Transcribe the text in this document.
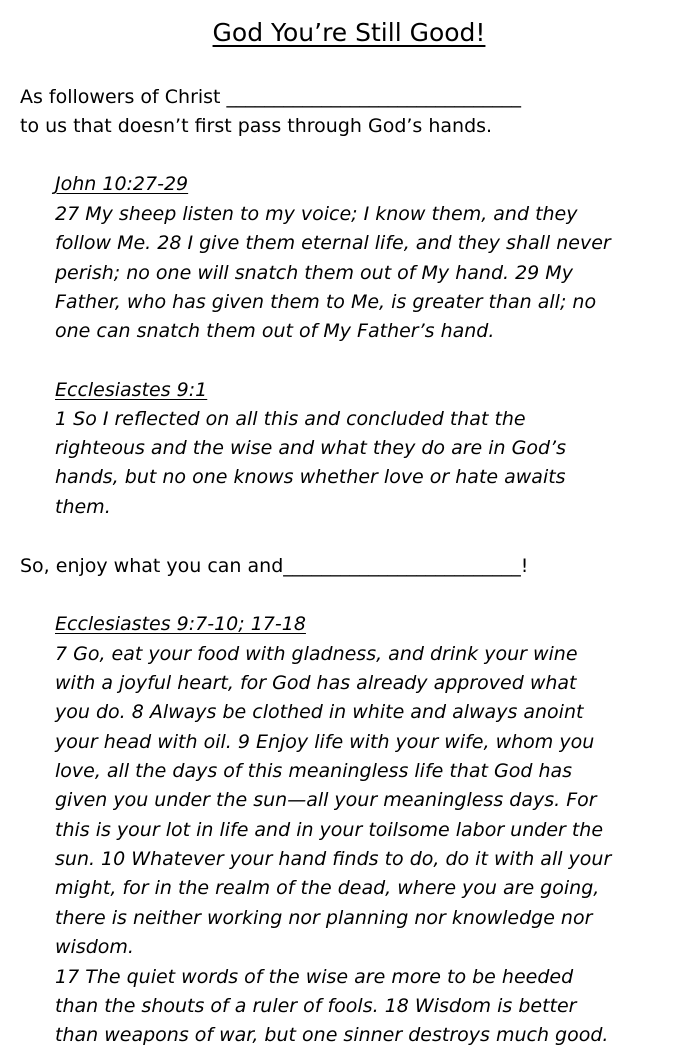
God You’re Still Good!
As followers of Christ _______________________________
to us that doesn’t first pass through God’s hands.
John 10:27-29
27 My sheep listen to my voice; I know them, and they
follow Me. 28 I give them eternal life, and they shall never
perish; no one will snatch them out of My hand. 29 My
Father, who has given them to Me, is greater than all; no
one can snatch them out of My Father’s hand.
Ecclesiastes 9:1
1 So I reflected on all this and concluded that the
righteous and the wise and what they do are in God’s
hands, but no one knows whether love or hate awaits
them.
So, enjoy what you can and_________________________!
Ecclesiastes 9:7-10; 17-18
7 Go, eat your food with gladness, and drink your wine
with a joyful heart, for God has already approved what
you do. 8 Always be clothed in white and always anoint
your head with oil. 9 Enjoy life with your wife, whom you
love, all the days of this meaningless life that God has
given you under the sun—all your meaningless days. For
this is your lot in life and in your toilsome labor under the
sun. 10 Whatever your hand finds to do, do it with all your
might, for in the realm of the dead, where you are going,
there is neither working nor planning nor knowledge nor
wisdom.
17 The quiet words of the wise are more to be heeded
than the shouts of a ruler of fools. 18 Wisdom is better
than weapons of war, but one sinner destroys much good.
